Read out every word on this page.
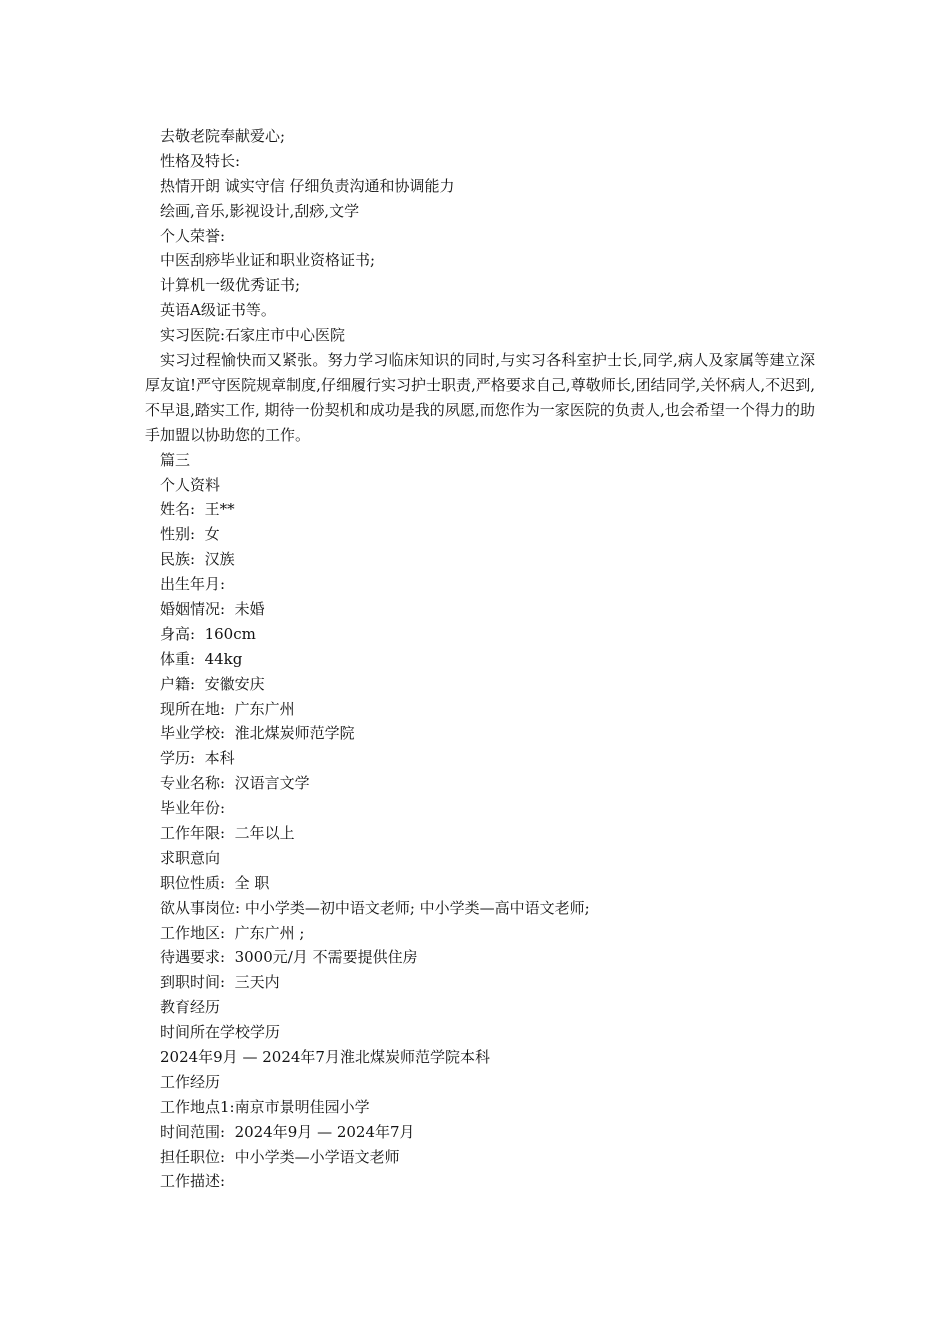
去敬老院奉献爱心;
性格及特长:
热情开朗 诚实守信 仔细负责沟通和协调能力
绘画,音乐,影视设计,刮痧,文学
个人荣誉:
中医刮痧毕业证和职业资格证书;
计算机一级优秀证书;
英语A级证书等。
实习医院:石家庄市中心医院

实习过程愉快而又紧张。努力学习临床知识的同时,与实习各科室护士长,同学,病人及家属等建立深厚友谊!严守医院规章制度,仔细履行实习护士职责,严格要求自己,尊敬师长,团结同学,关怀病人,不迟到,不早退,踏实工作, 期待一份契机和成功是我的夙愿,而您作为一家医院的负责人,也会希望一个得力的助手加盟以协助您的工作。

篇三
个人资料
姓名:  王**
性别:  女
民族:  汉族
出生年月:
婚姻情况:  未婚
身高:  160cm
体重:  44kg
户籍:  安徽安庆
现所在地:  广东广州
毕业学校:  淮北煤炭师范学院
学历:  本科
专业名称:  汉语言文学
毕业年份:
工作年限:  二年以上
求职意向
职位性质:  全 职
欲从事岗位: 中小学类—初中语文老师; 中小学类—高中语文老师;
工作地区:  广东广州 ;
待遇要求:  3000元/月 不需要提供住房
到职时间:  三天内
教育经历
时间所在学校学历
2024年9月 — 2024年7月淮北煤炭师范学院本科
工作经历
工作地点1:南京市景明佳园小学
时间范围:  2024年9月 — 2024年7月
担任职位:  中小学类—小学语文老师
工作描述:
